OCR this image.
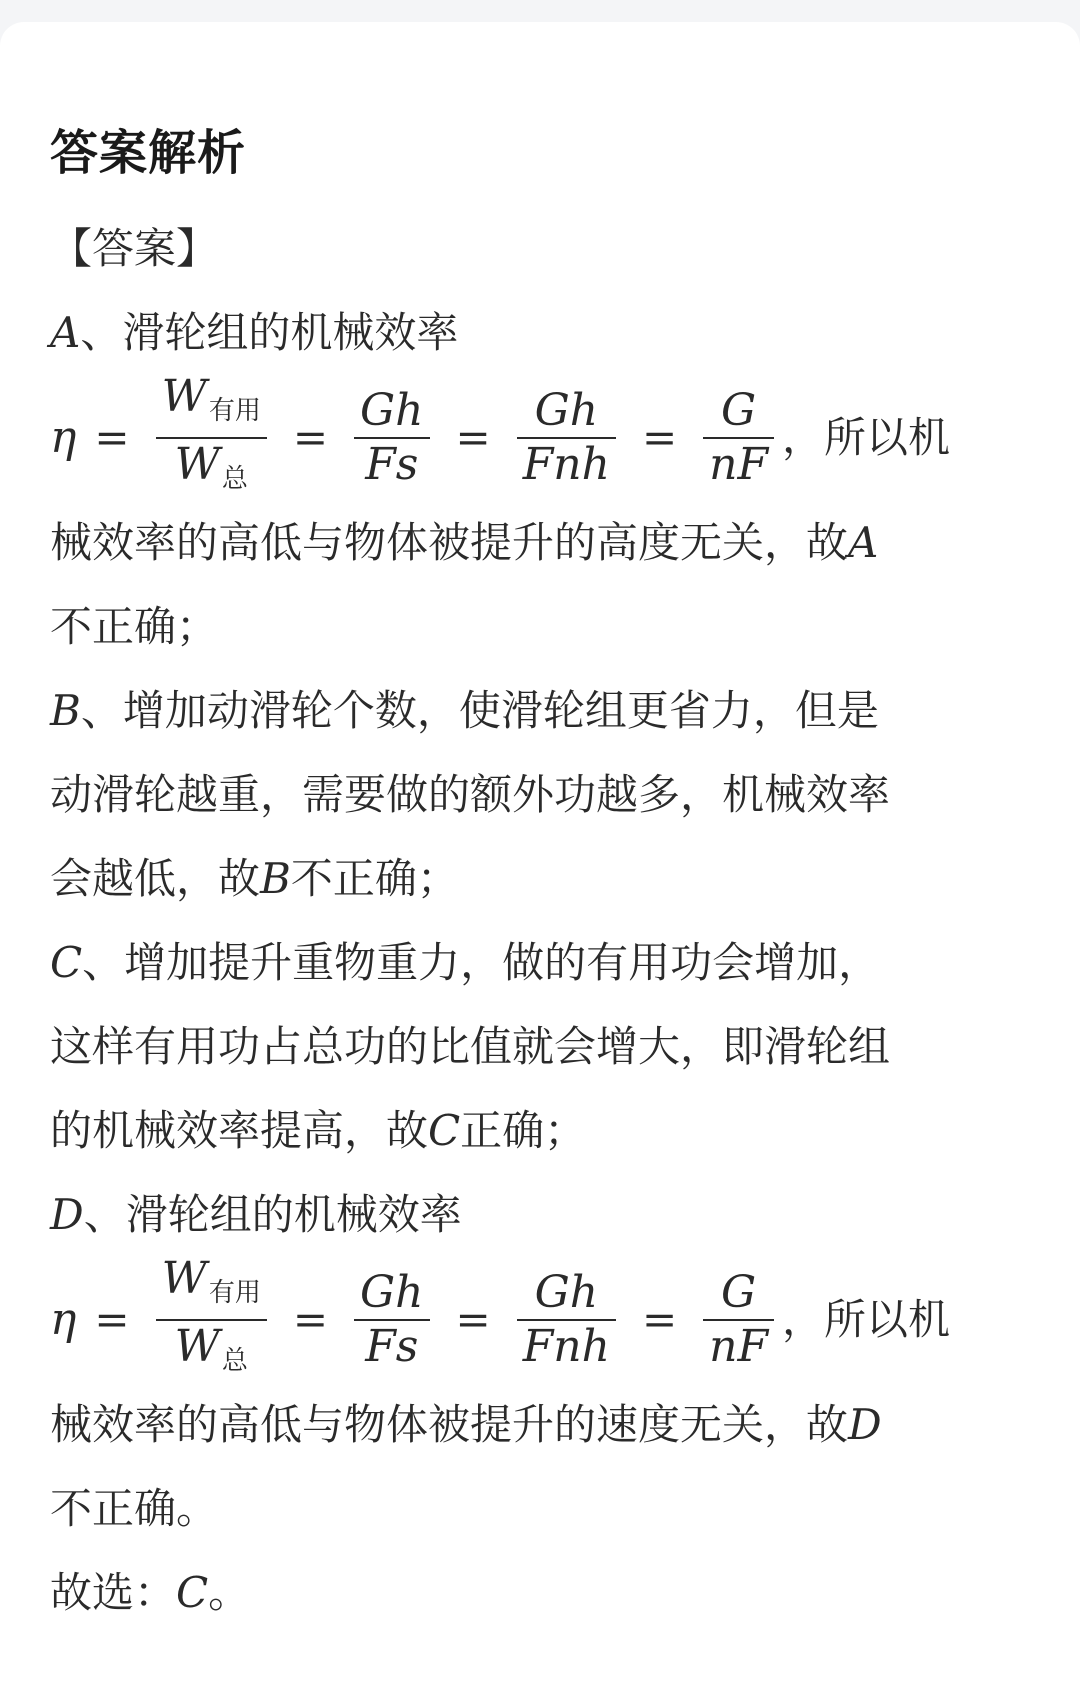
答案解析
【答案】
A、滑轮组的机械效率
$\eta = \frac{W_{有用}}{W_总} = \frac{Gh}{Fs} = \frac{Gh}{\text{Fnh}} = \frac{G}{nF}$ ，所以机
械效率的高低与物体被提升的高度无关，故A
不正确；
B、增加动滑轮个数，使滑轮组更省力，但是
动滑轮越重，需要做的额外功越多，机械效率
会越低，故B不正确；
C、增加提升重物重力，做的有用功会增加，
这样有用功占总功的比值就会增大，即滑轮组
的机械效率提高，故C正确；
D、滑轮组的机械效率
$\eta = \frac{W_{有用}}{W_总} = \frac{Gh}{Fs} = \frac{Gh}{\text{Fnh}} = \frac{G}{nF}$ ，所以机
械效率的高低与物体被提升的速度无关，故D
不正确。
故选：C。
